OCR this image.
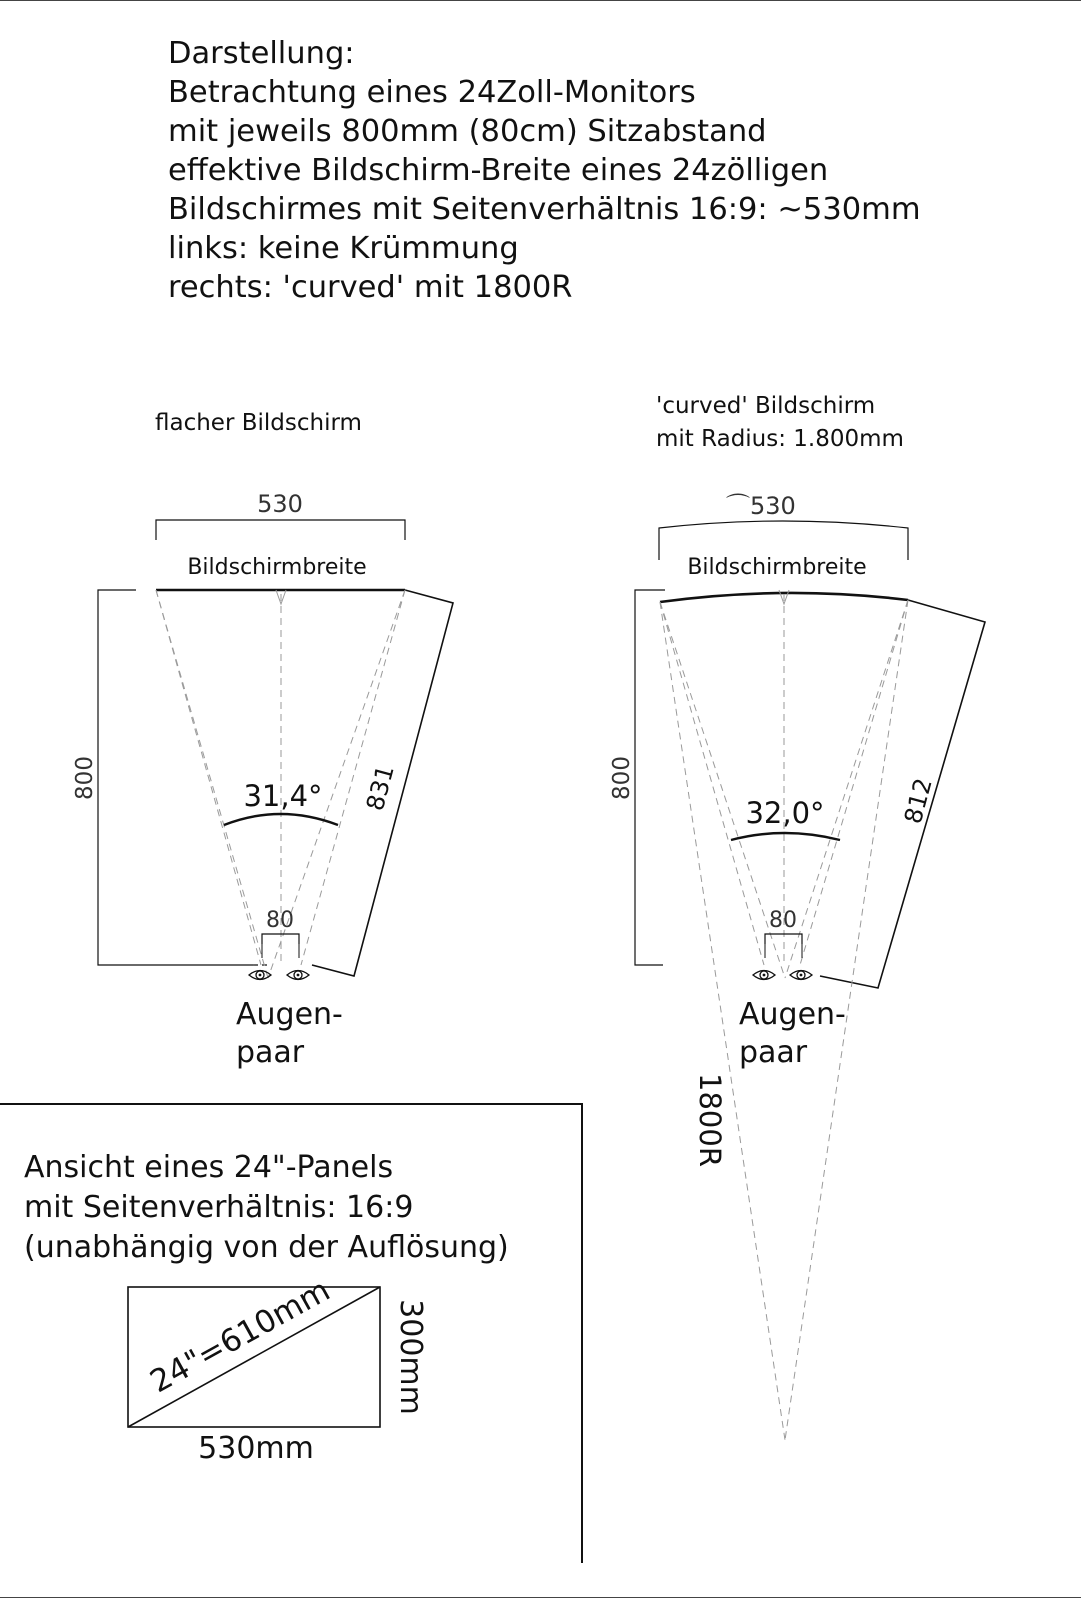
Darstellung:
Betrachtung eines 24Zoll-Monitors
mit jeweils 800mm (80cm) Sitzabstand
effektive Bildschirm-Breite eines 24zölligen
Bildschirmes mit Seitenverhältnis 16:9: ~530mm
links: keine Krümmung
rechts: 'curved' mit 1800R
flacher Bildschirm
530
Bildschirmbreite
800	831
31,4°
80
Augen-
paar
'curved' Bildschirm
mit Radius: 1.800mm
⌒530
Bildschirmbreite
800	812
32,0°
80
Augen-
paar
1800R
24"=610mm 300mm
530mm
Ansicht eines 24"-Panels
mit Seitenverhältnis: 16:9
(unabhängig von der Auflösung)
